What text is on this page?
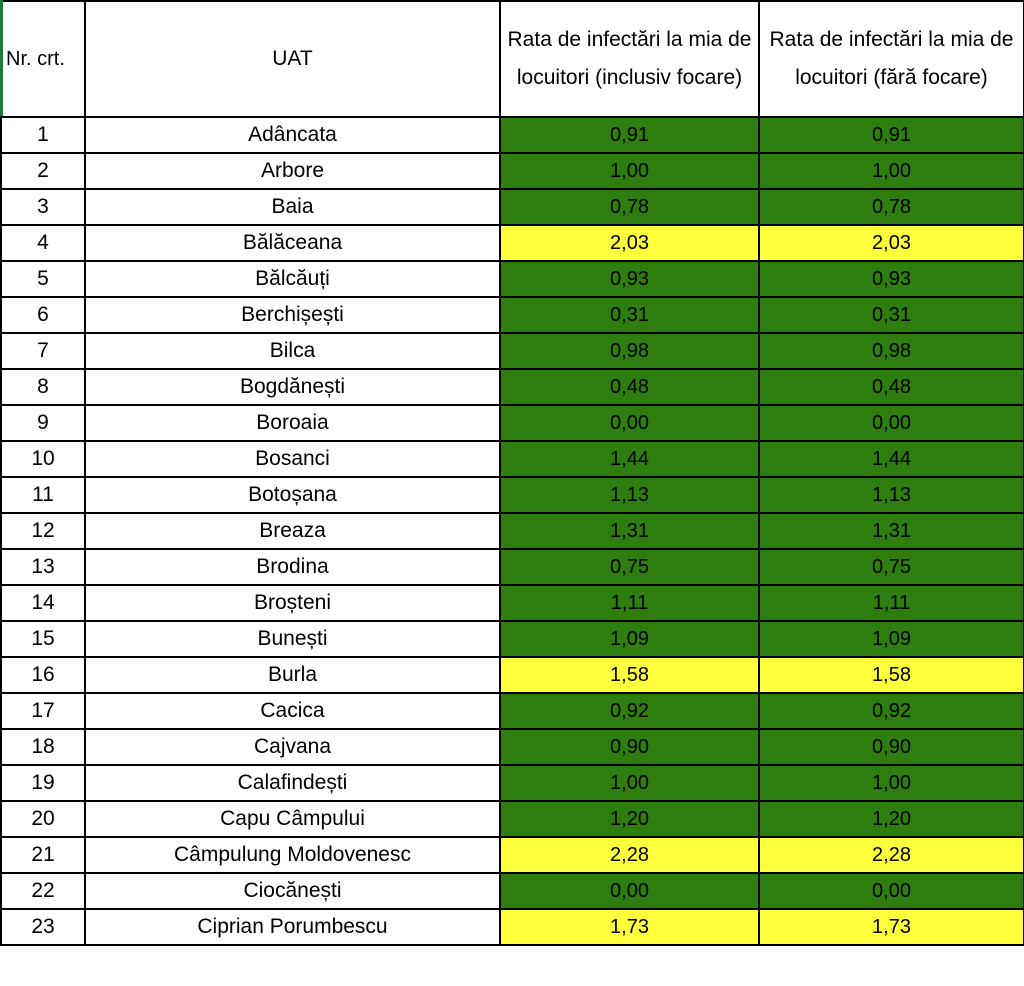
Nr. crt.	UAT	Rata de infectări la mia de locuitori (inclusiv focare)	Rata de infectări la mia de locuitori (fără focare)
1	Adâncata	0,91	0,91
2	Arbore	1,00	1,00
3	Baia	0,78	0,78
4	Bălăceana	2,03	2,03
5	Bălcăuți	0,93	0,93
6	Berchișești	0,31	0,31
7	Bilca	0,98	0,98
8	Bogdănești	0,48	0,48
9	Boroaia	0,00	0,00
10	Bosanci	1,44	1,44
11	Botoșana	1,13	1,13
12	Breaza	1,31	1,31
13	Brodina	0,75	0,75
14	Broșteni	1,11	1,11
15	Bunești	1,09	1,09
16	Burla	1,58	1,58
17	Cacica	0,92	0,92
18	Cajvana	0,90	0,90
19	Calafindești	1,00	1,00
20	Capu Câmpului	1,20	1,20
21	Câmpulung Moldovenesc	2,28	2,28
22	Ciocănești	0,00	0,00
23	Ciprian Porumbescu	1,73	1,73
